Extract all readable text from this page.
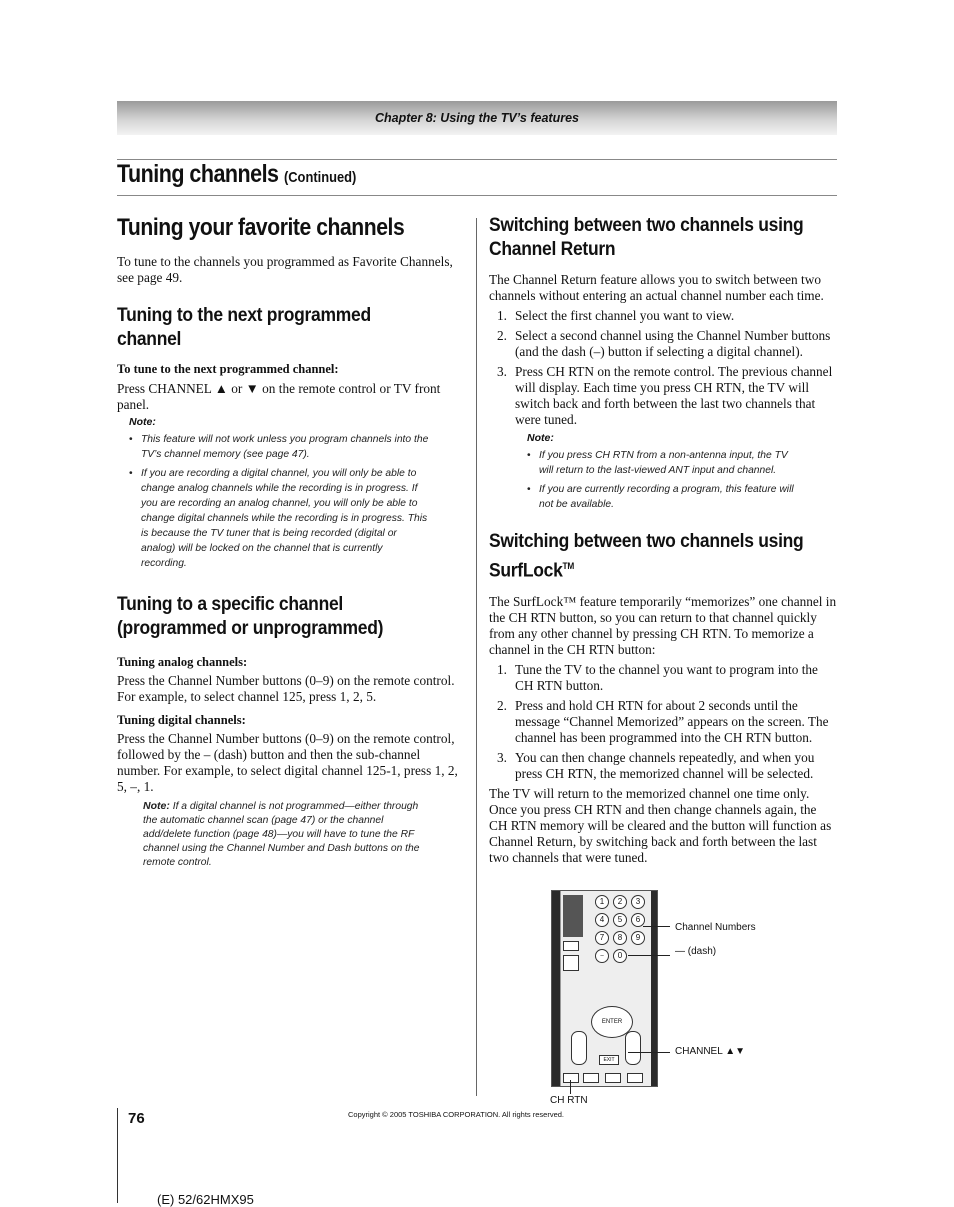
Chapter 8: Using the TV’s features
Tuning channels (Continued)
Tuning your favorite channels
To tune to the channels you programmed as Favorite Channels, see page 49.
Tuning to the next programmed channel
To tune to the next programmed channel:
Press CHANNEL ▲ or ▼ on the remote control or TV front panel.
Note:
• This feature will not work unless you program channels into the TV’s channel memory (see page 47).
• If you are recording a digital channel, you will only be able to change analog channels while the recording is in progress. If you are recording an analog channel, you will only be able to change digital channels while the recording is in progress. This is because the TV tuner that is being recorded (digital or analog) will be locked on the channel that is currently recording.
Tuning to a specific channel (programmed or unprogrammed)
Tuning analog channels:
Press the Channel Number buttons (0–9) on the remote control. For example, to select channel 125, press 1, 2, 5.
Tuning digital channels:
Press the Channel Number buttons (0–9) on the remote control, followed by the – (dash) button and then the sub-channel number. For example, to select digital channel 125-1, press 1, 2, 5, –, 1.
Note: If a digital channel is not programmed—either through the automatic channel scan (page 47) or the channel add/delete function (page 48)—you will have to tune the RF channel using the Channel Number and Dash buttons on the remote control.
Switching between two channels using Channel Return
The Channel Return feature allows you to switch between two channels without entering an actual channel number each time.
1. Select the first channel you want to view.
2. Select a second channel using the Channel Number buttons (and the dash (–) button if selecting a digital channel).
3. Press CH RTN on the remote control. The previous channel will display. Each time you press CH RTN, the TV will switch back and forth between the last two channels that were tuned.
Note:
• If you press CH RTN from a non-antenna input, the TV will return to the last-viewed ANT input and channel.
• If you are currently recording a program, this feature will not be available.
Switching between two channels using SurfLock™
The SurfLock™ feature temporarily “memorizes” one channel in the CH RTN button, so you can return to that channel quickly from any other channel by pressing CH RTN. To memorize a channel in the CH RTN button:
1. Tune the TV to the channel you want to program into the CH RTN button.
2. Press and hold CH RTN for about 2 seconds until the message “Channel Memorized” appears on the screen. The channel has been programmed into the CH RTN button.
3. You can then change channels repeatedly, and when you press CH RTN, the memorized channel will be selected.
The TV will return to the memorized channel one time only. Once you press CH RTN and then change channels again, the CH RTN memory will be cleared and the button will function as Channel Return, by switching back and forth between the last two channels that were tuned.
1	2	3
4	5	6
7	8	9
0
–
ENTER
EXIT
Channel Numbers
— (dash)
CHANNEL ▲▼
CH RTN
76	Copyright © 2005 TOSHIBA CORPORATION. All rights reserved.
(E) 52/62HMX95
